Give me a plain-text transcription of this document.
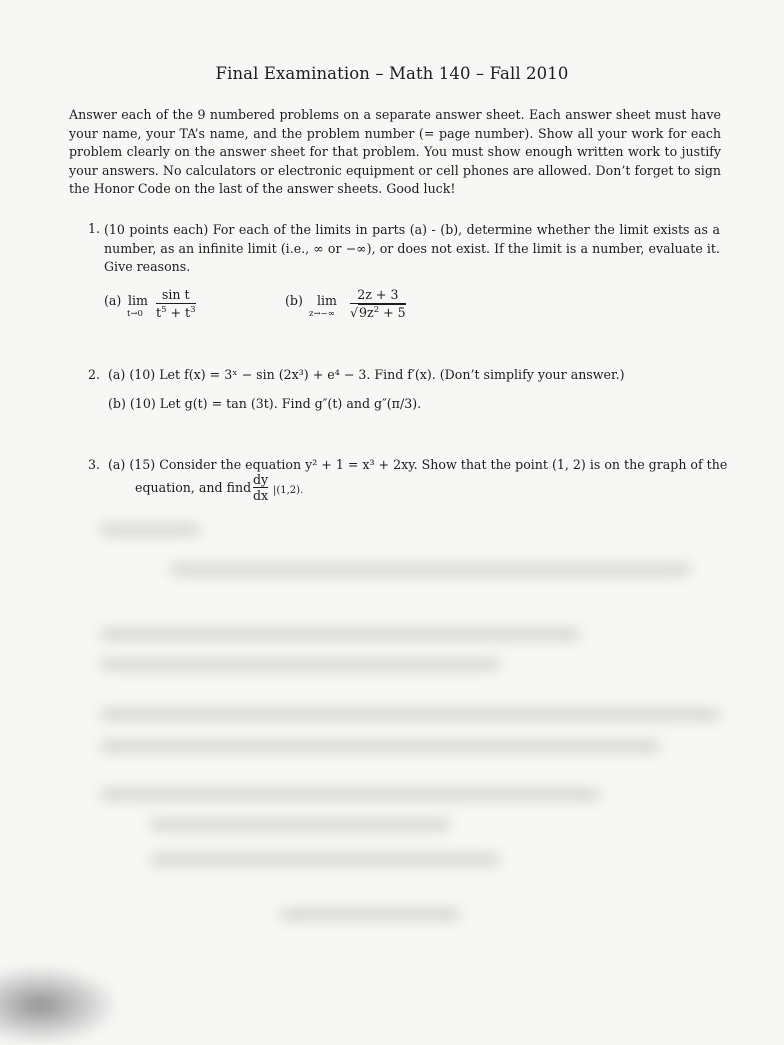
Final Examination – Math 140 – Fall 2010
Answer each of the 9 numbered problems on a separate answer sheet. Each answer sheet must have your name, your TA’s name, and the problem number (= page number). Show all your work for each problem clearly on the answer sheet for that problem. You must show enough written work to justify your answers. No calculators or electronic equipment or cell phones are allowed. Don’t forget to sign the Honor Code on the last of the answer sheets. Good luck!
1. (10 points each) For each of the limits in parts (a) - (b), determine whether the limit exists as a number, as an infinite limit (i.e., ∞ or −∞), or does not exist. If the limit is a number, evaluate it. Give reasons.
(a) lim
t→0
sin t
$t^5 + t^3$
(b) lim
z→−∞
2z + 3
$√9z^2 + 5$
2. (a) (10) Let f(x) = 3ˣ − sin (2x³) + e⁴ − 3. Find f′(x). (Don’t simplify your answer.)
(b) (10) Let g(t) = tan (3t). Find g″(t) and g″(π/3).
3. (a) (15) Consider the equation y² + 1 = x³ + 2xy. Show that the point (1, 2) is on the graph of the
equation, and find
dy
dx |(1,2).
